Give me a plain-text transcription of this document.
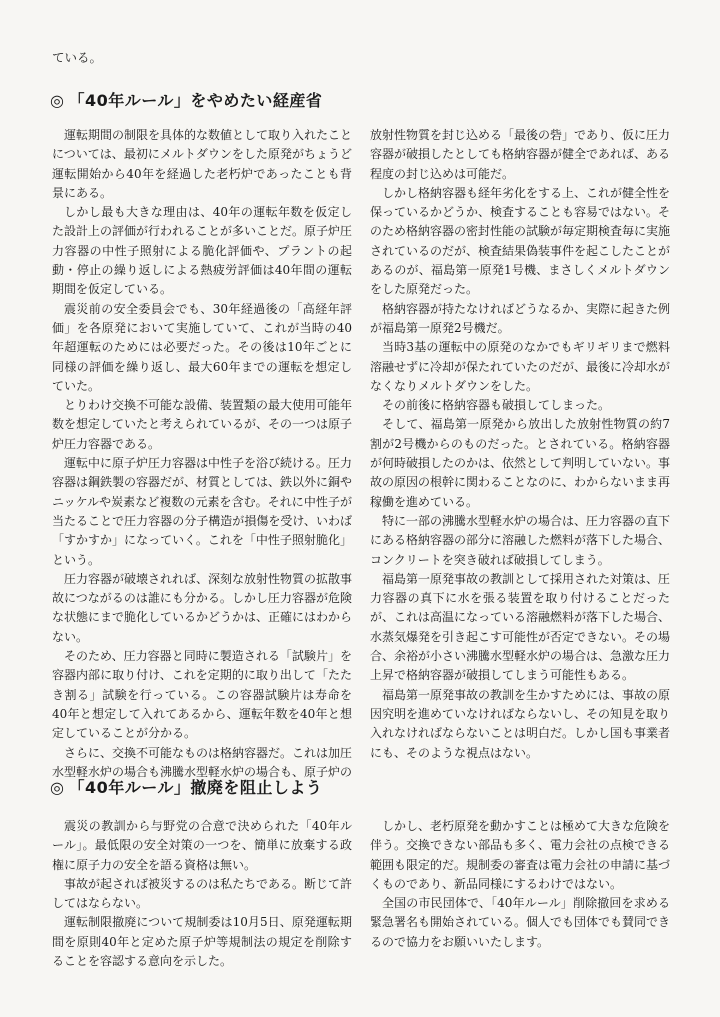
ている。
◎ 「40年ルール」をやめたい経産省

運転期間の制限を具体的な数値として取り入れたことについては、最初にメルトダウンをした原発がちょうど運転開始から40年を経過した老朽炉であったことも背景にある。

しかし最も大きな理由は、40年の運転年数を仮定した設計上の評価が行われることが多いことだ。原子炉圧力容器の中性子照射による脆化評価や、プラントの起動・停止の繰り返しによる熱疲労評価は40年間の運転期間を仮定している。

震災前の安全委員会でも、30年経過後の「高経年評価」を各原発において実施していて、これが当時の40年超運転のためには必要だった。その後は10年ごとに同様の評価を繰り返し、最大60年までの運転を想定していた。

とりわけ交換不可能な設備、装置類の最大使用可能年数を想定していたと考えられているが、その一つは原子炉圧力容器である。

運転中に原子炉圧力容器は中性子を浴び続ける。圧力容器は鋼鉄製の容器だが、材質としては、鉄以外に銅やニッケルや炭素など複数の元素を含む。それに中性子が当たることで圧力容器の分子構造が損傷を受け、いわば「すかすか」になっていく。これを「中性子照射脆化」という。

圧力容器が破壊されれば、深刻な放射性物質の拡散事故につながるのは誰にも分かる。しかし圧力容器が危険な状態にまで脆化しているかどうかは、正確にはわからない。

そのため、圧力容器と同時に製造される「試験片」を容器内部に取り付け、これを定期的に取り出して「たたき割る」試験を行っている。この容器試験片は寿命を40年と想定して入れてあるから、運転年数を40年と想定していることが分かる。

さらに、交換不可能なものは格納容器だ。これは加圧水型軽水炉の場合も沸騰水型軽水炉の場合も、原子炉の

放射性物質を封じ込める「最後の砦」であり、仮に圧力容器が破損したとしても格納容器が健全であれば、ある程度の封じ込めは可能だ。

しかし格納容器も経年劣化をする上、これが健全性を保っているかどうか、検査することも容易ではない。そのため格納容器の密封性能の試験が毎定期検査毎に実施されているのだが、検査結果偽装事件を起こしたことがあるのが、福島第一原発1号機、まさしくメルトダウンをした原発だった。

格納容器が持たなければどうなるか、実際に起きた例が福島第一原発2号機だ。

当時3基の運転中の原発のなかでもギリギリまで燃料溶融せずに冷却が保たれていたのだが、最後に冷却水がなくなりメルトダウンをした。

その前後に格納容器も破損してしまった。

そして、福島第一原発から放出した放射性物質の約7割が2号機からのものだった。とされている。格納容器が何時破損したのかは、依然として判明していない。事故の原因の根幹に関わることなのに、わからないまま再稼働を進めている。

特に一部の沸騰水型軽水炉の場合は、圧力容器の直下にある格納容器の部分に溶融した燃料が落下した場合、コンクリートを突き破れば破損してしまう。

福島第一原発事故の教訓として採用された対策は、圧力容器の真下に水を張る装置を取り付けることだったが、これは高温になっている溶融燃料が落下した場合、水蒸気爆発を引き起こす可能性が否定できない。その場合、余裕が小さい沸騰水型軽水炉の場合は、急激な圧力上昇で格納容器が破損してしまう可能性もある。

福島第一原発事故の教訓を生かすためには、事故の原因究明を進めていなければならないし、その知見を取り入れなければならないことは明白だ。しかし国も事業者にも、そのような視点はない。

◎ 「40年ルール」撤廃を阻止しよう

震災の教訓から与野党の合意で決められた「40年ルール」。最低限の安全対策の一つを、簡単に放棄する政権に原子力の安全を語る資格は無い。

事故が起されば被災するのは私たちである。断じて許してはならない。

運転制限撤廃について規制委は10月5日、原発運転期間を原則40年と定めた原子炉等規制法の規定を削除することを容認する意向を示した。

しかし、老朽原発を動かすことは極めて大きな危険を伴う。交換できない部品も多く、電力会社の点検できる範囲も限定的だ。規制委の審査は電力会社の申請に基づくものであり、新品同様にするわけではない。

全国の市民団体で、「40年ルール」削除撤回を求める緊急署名も開始されている。個人でも団体でも賛同できるので協力をお願いいたします。
